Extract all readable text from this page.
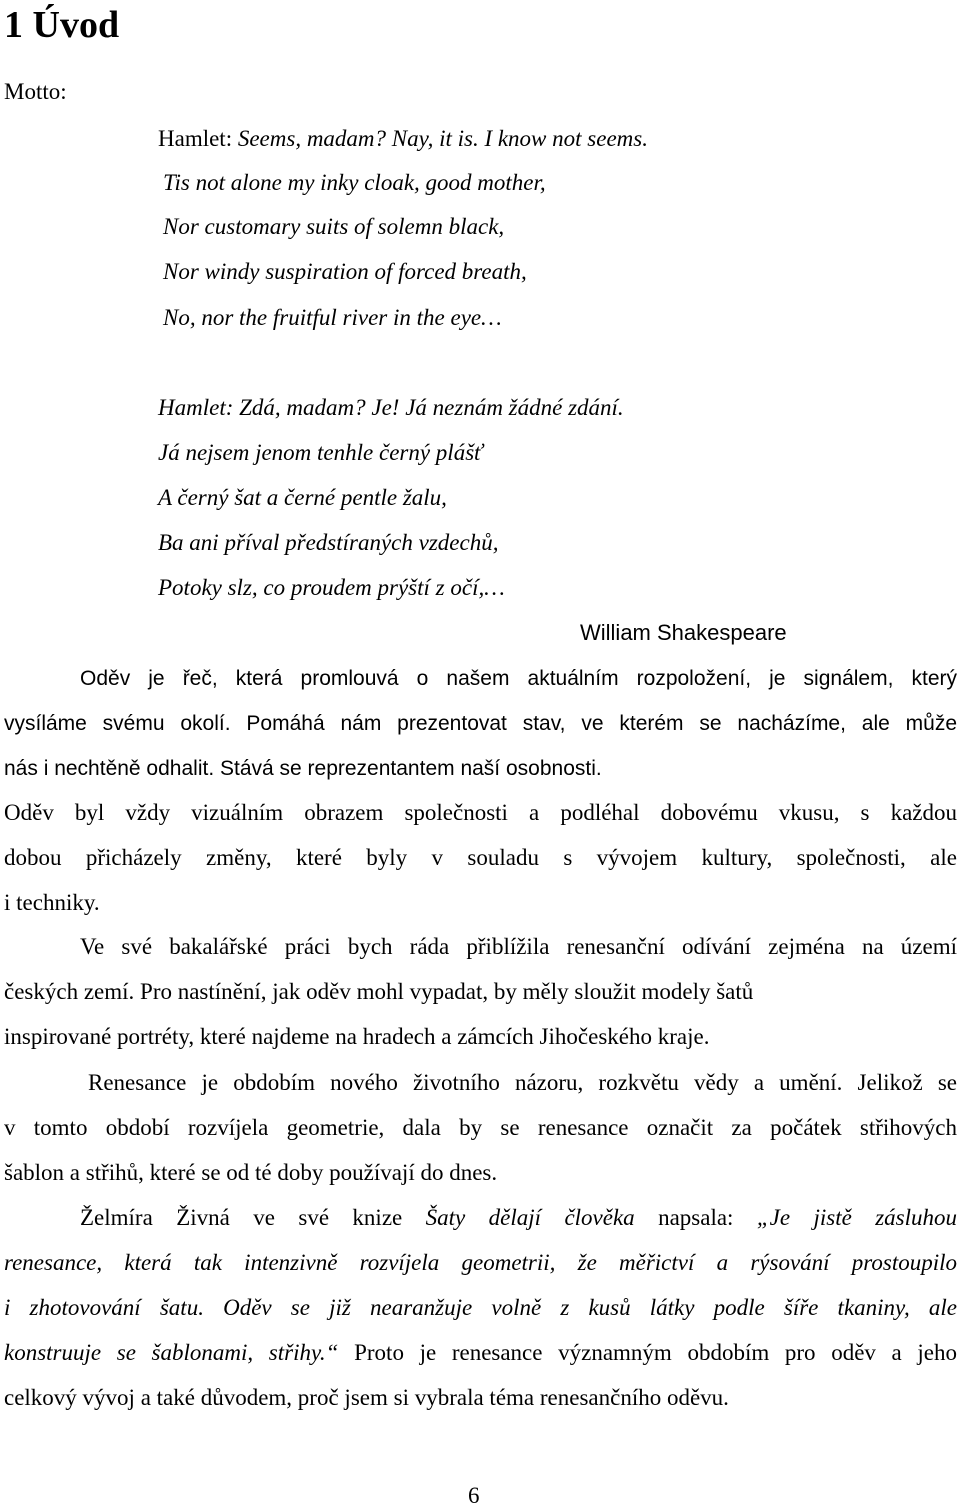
1 Úvod
Motto:
Hamlet: Seems, madam? Nay, it is. I know not seems.
Tis not alone my inky cloak, good mother,
Nor customary suits of solemn black,
Nor windy suspiration of forced breath,
No, nor the fruitful river in the eye…
Hamlet: Zdá, madam? Je! Já neznám žádné zdání.
Já nejsem jenom tenhle černý plášť
A černý šat a černé pentle žalu,
Ba ani příval předstíraných vzdechů,
Potoky slz, co proudem prýští z očí,…
William Shakespeare
Oděv je řeč, která promlouvá o našem aktuálním rozpoložení, je signálem, který
vysíláme svému okolí. Pomáhá nám prezentovat stav, ve kterém se nacházíme, ale může
nás i nechtěně odhalit. Stává se reprezentantem naší osobnosti.
Oděv byl vždy vizuálním obrazem společnosti a podléhal dobovému vkusu, s každou
dobou přicházely změny, které byly v souladu s vývojem kultury, společnosti, ale
i techniky.
Ve své bakalářské práci bych ráda přiblížila renesanční odívání zejména na území
českých zemí. Pro nastínění, jak oděv mohl vypadat, by měly sloužit modely šatů
inspirované portréty, které najdeme na hradech a zámcích Jihočeského kraje.
Renesance je obdobím nového životního názoru, rozkvětu vědy a umění. Jelikož se
v tomto období rozvíjela geometrie, dala by se renesance označit za počátek střihových
šablon a střihů, které se od té doby používají do dnes.
Želmíra Živná ve své knize Šaty dělají člověka napsala: „Je jistě zásluhou
renesance, která tak intenzivně rozvíjela geometrii, že měřictví a rýsování prostoupilo
i zhotovování šatu. Oděv se již nearanžuje volně z kusů látky podle šíře tkaniny, ale
konstruuje se šablonami, střihy.“ Proto je renesance významným obdobím pro oděv a jeho
celkový vývoj a také důvodem, proč jsem si vybrala téma renesančního oděvu.
6
